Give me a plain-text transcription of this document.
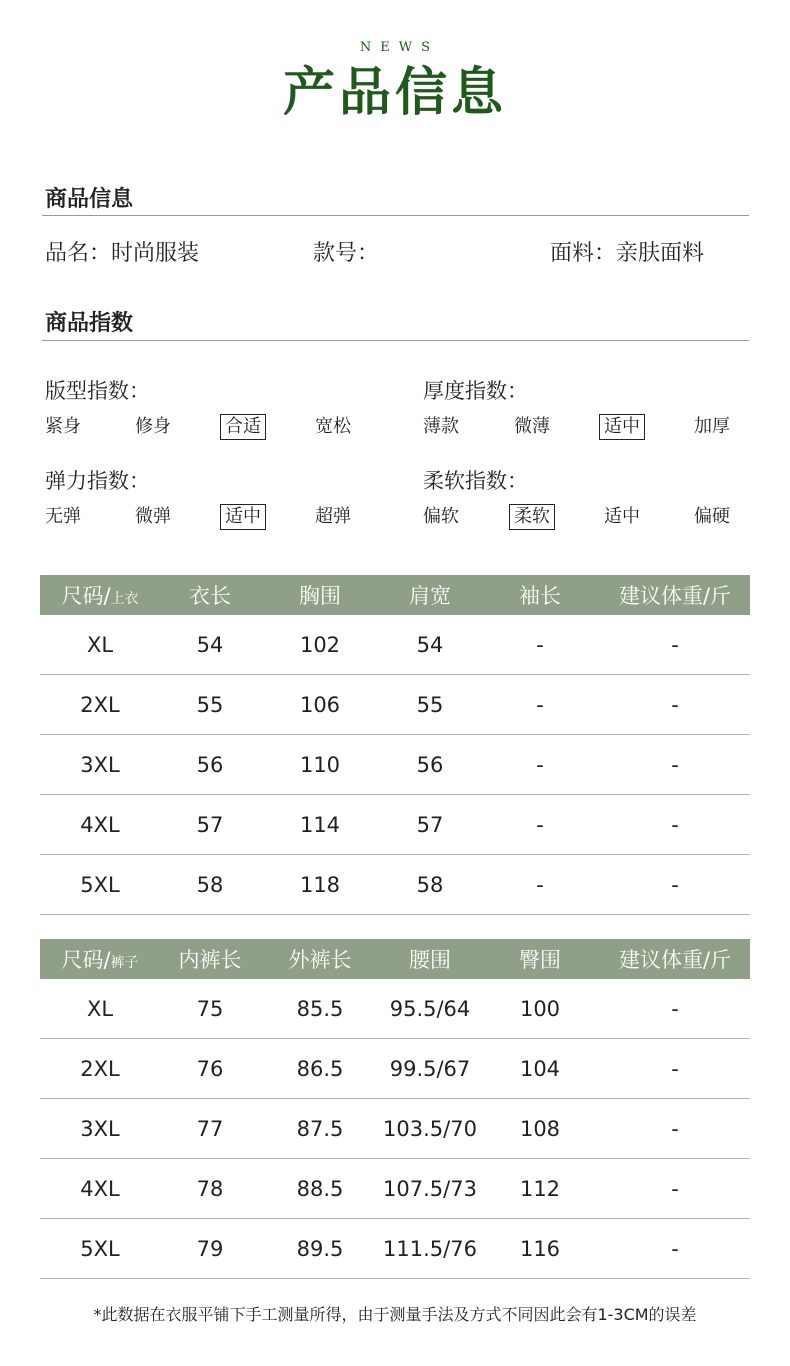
NEWS
产品信息
商品信息
品名：时尚服装	款号：	面料：亲肤面料
商品指数
版型指数：
紧身	修身	合适	宽松
厚度指数：
薄款	微薄	适中	加厚
弹力指数：
无弹	微弹	适中	超弹
柔软指数：
偏软	柔软	适中	偏硬
尺码/上衣	衣长	胸围	肩宽	袖长	建议体重/斤
XL	54	102	54	-	-
2XL	55	106	55	-	-
3XL	56	110	56	-	-
4XL	57	114	57	-	-
5XL	58	118	58	-	-
尺码/裤子	内裤长	外裤长	腰围	臀围	建议体重/斤
XL	75	85.5	95.5/64	100	-
2XL	76	86.5	99.5/67	104	-
3XL	77	87.5	103.5/70	108	-
4XL	78	88.5	107.5/73	112	-
5XL	79	89.5	111.5/76	116	-
*此数据在衣服平铺下手工测量所得，由于测量手法及方式不同因此会有1-3CM的误差
